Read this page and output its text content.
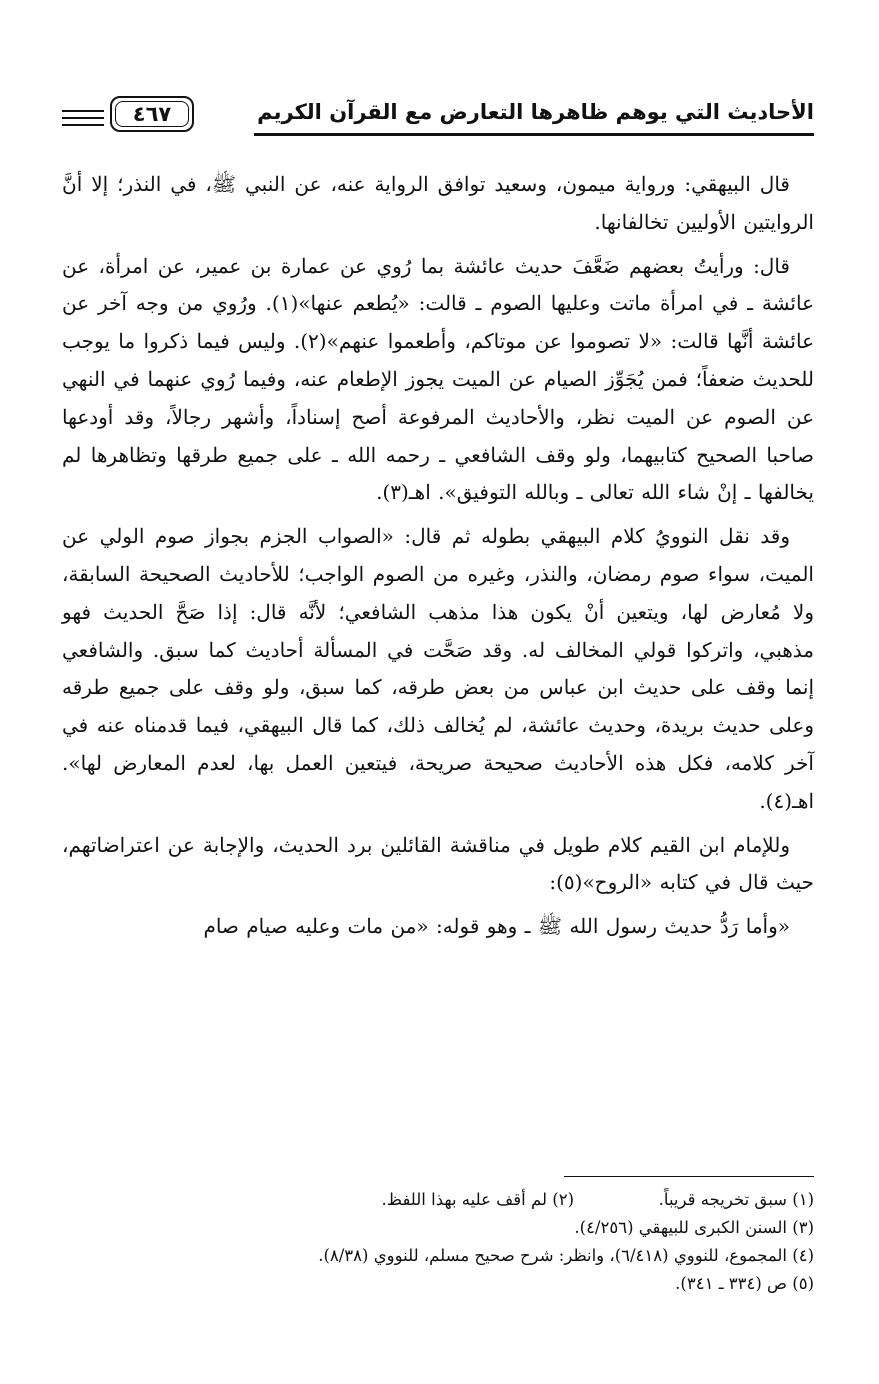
الأحاديث التي يوهم ظاهرها التعارض مع القرآن الكريم
٤٦٧

قال البيهقي: ورواية ميمون، وسعيد توافق الرواية عنه، عن النبي ﷺ، في النذر؛ إلا أنَّ الروايتين الأوليين تخالفانها.

قال: ورأيتُ بعضهم ضَعَّفَ حديث عائشة بما رُوي عن عمارة بن عمير، عن امرأة، عن عائشة ـ في امرأة ماتت وعليها الصوم ـ قالت: «يُطعم عنها»(١). ورُوي من وجه آخر عن عائشة أنَّها قالت: «لا تصوموا عن موتاكم، وأطعموا عنهم»(٢). وليس فيما ذكروا ما يوجب للحديث ضعفاً؛ فمن يُجَوِّز الصيام عن الميت يجوز الإطعام عنه، وفيما رُوي عنهما في النهي عن الصوم عن الميت نظر، والأحاديث المرفوعة أصح إسناداً، وأشهر رجالاً، وقد أودعها صاحبا الصحيح كتابيهما، ولو وقف الشافعي ـ رحمه الله ـ على جميع طرقها وتظاهرها لم يخالفها ـ إنْ شاء الله تعالى ـ وبالله التوفيق». اهـ(٣).

وقد نقل النوويُ كلام البيهقي بطوله ثم قال: «الصواب الجزم بجواز صوم الولي عن الميت، سواء صوم رمضان، والنذر، وغيره من الصوم الواجب؛ للأحاديث الصحيحة السابقة، ولا مُعارض لها، ويتعين أنْ يكون هذا مذهب الشافعي؛ لأنَّه قال: إذا صَحَّ الحديث فهو مذهبي، واتركوا قولي المخالف له. وقد صَحَّت في المسألة أحاديث كما سبق. والشافعي إنما وقف على حديث ابن عباس من بعض طرقه، كما سبق، ولو وقف على جميع طرقه وعلى حديث بريدة، وحديث عائشة، لم يُخالف ذلك، كما قال البيهقي، فيما قدمناه عنه في آخر كلامه، فكل هذه الأحاديث صحيحة صريحة، فيتعين العمل بها، لعدم المعارض لها». اهـ(٤).

وللإمام ابن القيم كلام طويل في مناقشة القائلين برد الحديث، والإجابة عن اعتراضاتهم، حيث قال في كتابه «الروح»(٥):

«وأما رَدُّ حديث رسول الله ﷺ ـ وهو قوله: «من مات وعليه صيام صام

(١) سبق تخريجه قريباً.
(٢) لم أقف عليه بهذا اللفظ.
(٣) السنن الكبرى للبيهقي (٤/٢٥٦).
(٤) المجموع، للنووي (٦/٤١٨)، وانظر: شرح صحيح مسلم، للنووي (٨/٣٨).
(٥) ص (٣٣٤ ـ ٣٤١).
